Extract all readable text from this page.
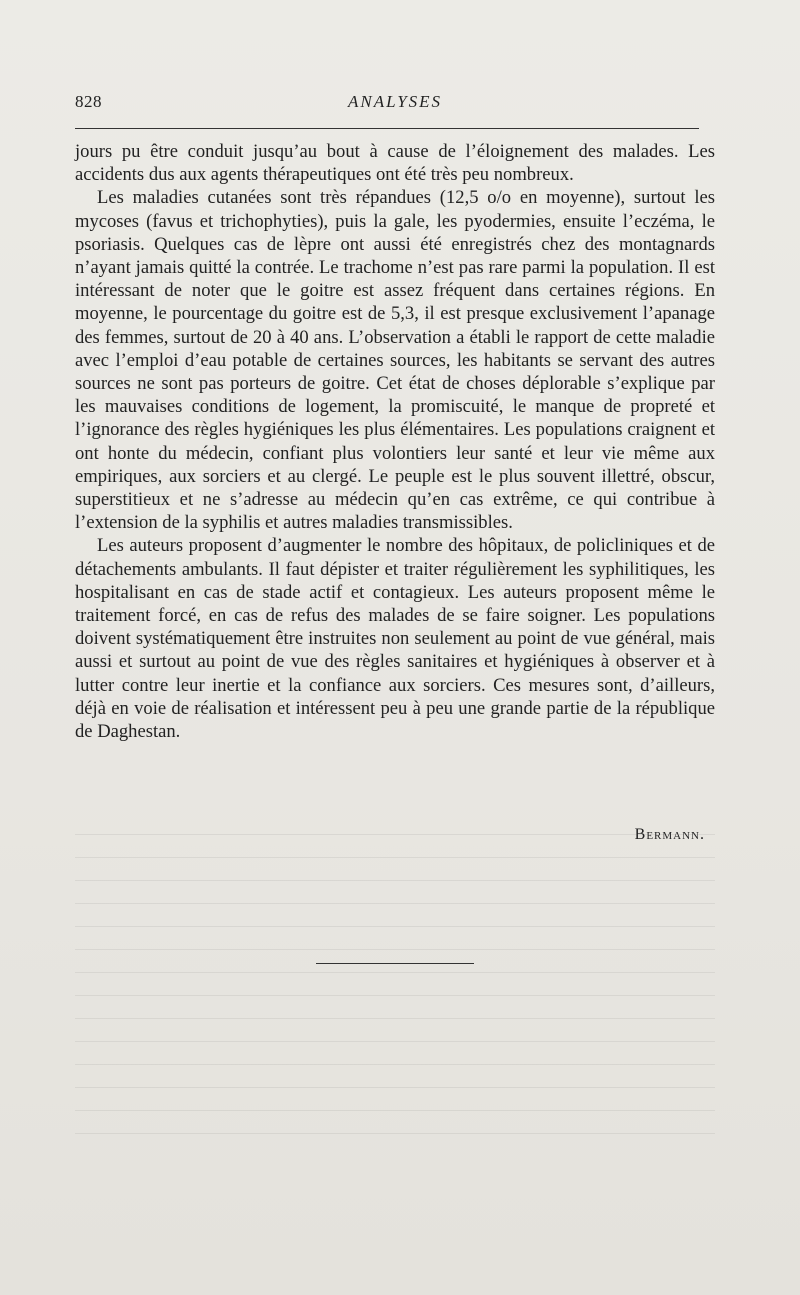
828	ANALYSES

jours pu être conduit jusqu’au bout à cause de l’éloignement des malades. Les accidents dus aux agents thérapeutiques ont été très peu nombreux.

Les maladies cutanées sont très répandues (12,5 o/o en moyenne), surtout les mycoses (favus et trichophyties), puis la gale, les pyodermies, ensuite l’eczéma, le psoriasis. Quelques cas de lèpre ont aussi été enregistrés chez des montagnards n’ayant jamais quitté la contrée. Le trachome n’est pas rare parmi la population. Il est intéressant de noter que le goitre est assez fréquent dans certaines régions. En moyenne, le pourcentage du goitre est de 5,3, il est presque exclusivement l’apanage des femmes, surtout de 20 à 40 ans. L’observation a établi le rapport de cette maladie avec l’emploi d’eau potable de certaines sources, les habitants se servant des autres sources ne sont pas porteurs de goitre. Cet état de choses déplorable s’explique par les mauvaises conditions de logement, la promiscuité, le manque de propreté et l’ignorance des règles hygiéniques les plus élémentaires. Les populations craignent et ont honte du médecin, confiant plus volontiers leur santé et leur vie même aux empiriques, aux sorciers et au clergé. Le peuple est le plus souvent illettré, obscur, superstitieux et ne s’adresse au médecin qu’en cas extrême, ce qui contribue à l’extension de la syphilis et autres maladies transmissibles.

Les auteurs proposent d’augmenter le nombre des hôpitaux, de policliniques et de détachements ambulants. Il faut dépister et traiter régulièrement les syphilitiques, les hospitalisant en cas de stade actif et contagieux. Les auteurs proposent même le traitement forcé, en cas de refus des malades de se faire soigner. Les populations doivent systématiquement être instruites non seulement au point de vue général, mais aussi et surtout au point de vue des règles sanitaires et hygiéniques à observer et à lutter contre leur inertie et la confiance aux sorciers. Ces mesures sont, d’ailleurs, déjà en voie de réalisation et intéressent peu à peu une grande partie de la république de Daghestan.

Bermann.
